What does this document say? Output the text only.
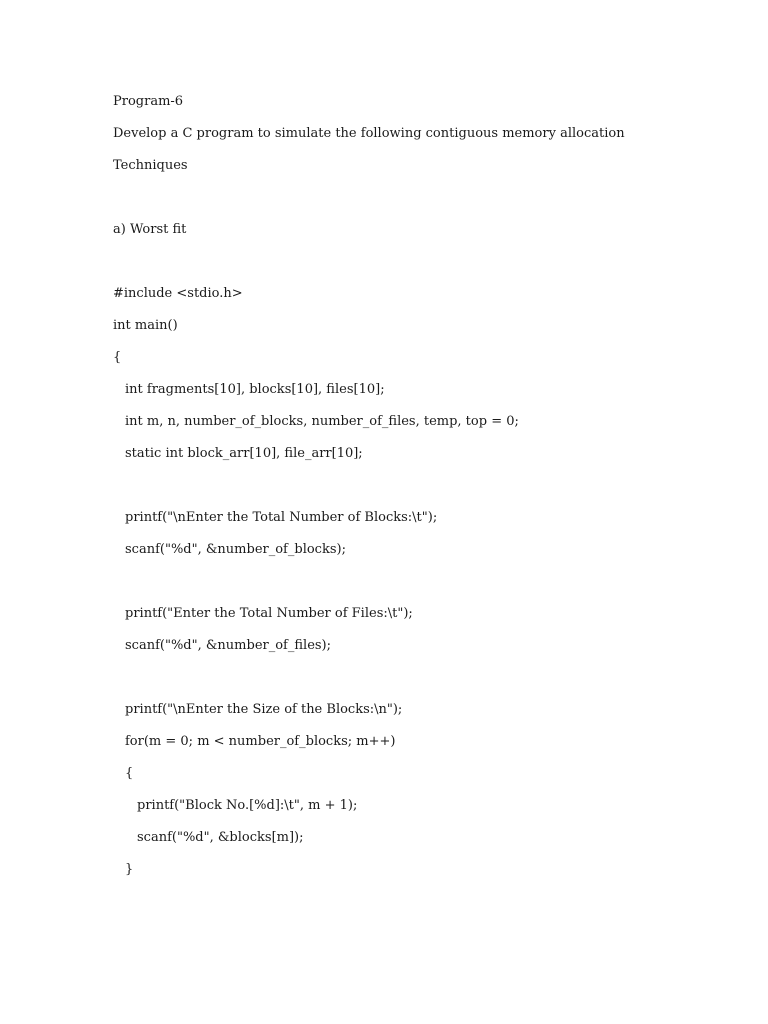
Program-6

Develop a C program to simulate the following contiguous memory allocation

Techniques

a) Worst fit

#include <stdio.h>

int main()

{

int fragments[10], blocks[10], files[10];

int m, n, number_of_blocks, number_of_files, temp, top = 0;

static int block_arr[10], file_arr[10];

printf("\nEnter the Total Number of Blocks:\t");

scanf("%d", &number_of_blocks);

printf("Enter the Total Number of Files:\t");

scanf("%d", &number_of_files);

printf("\nEnter the Size of the Blocks:\n");

for(m = 0; m < number_of_blocks; m++)

{

printf("Block No.[%d]:\t", m + 1);

scanf("%d", &blocks[m]);

}
